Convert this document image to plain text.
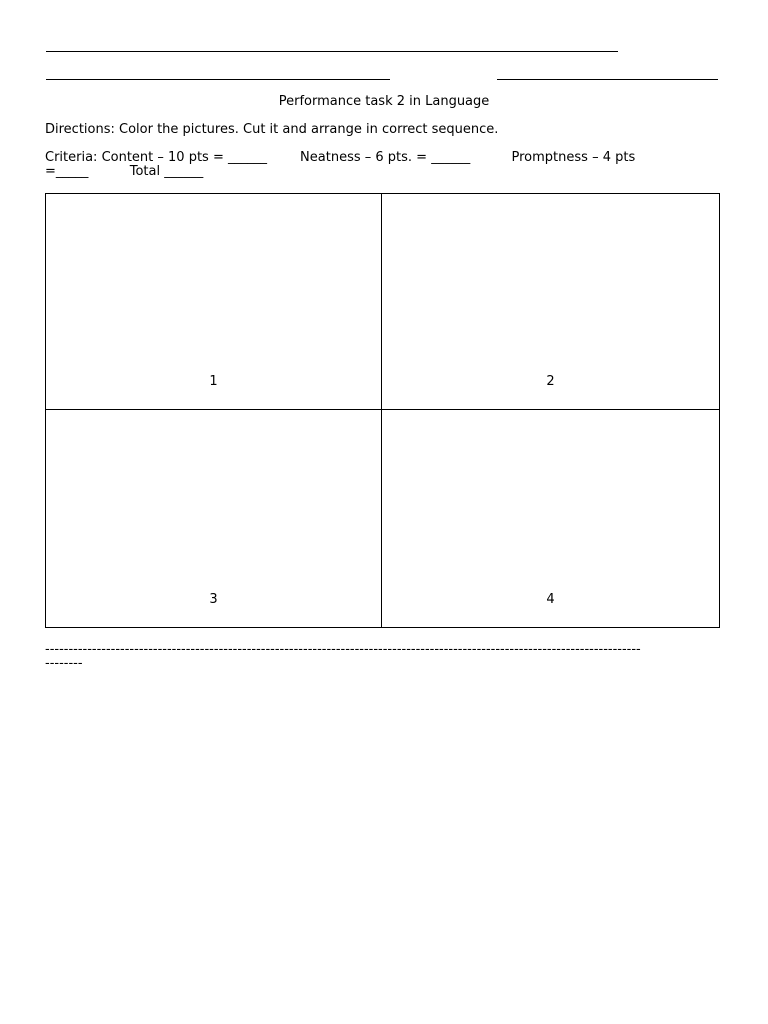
Performance task 2 in Language
Directions: Color the pictures. Cut it and arrange in correct sequence.
Criteria: Content – 10 pts = ______        Neatness – 6 pts. = ______          Promptness – 4 pts
=_____          Total ______
1	2
3	4
-------------------------------------------------------------------------------------------------------------------------------
--------
